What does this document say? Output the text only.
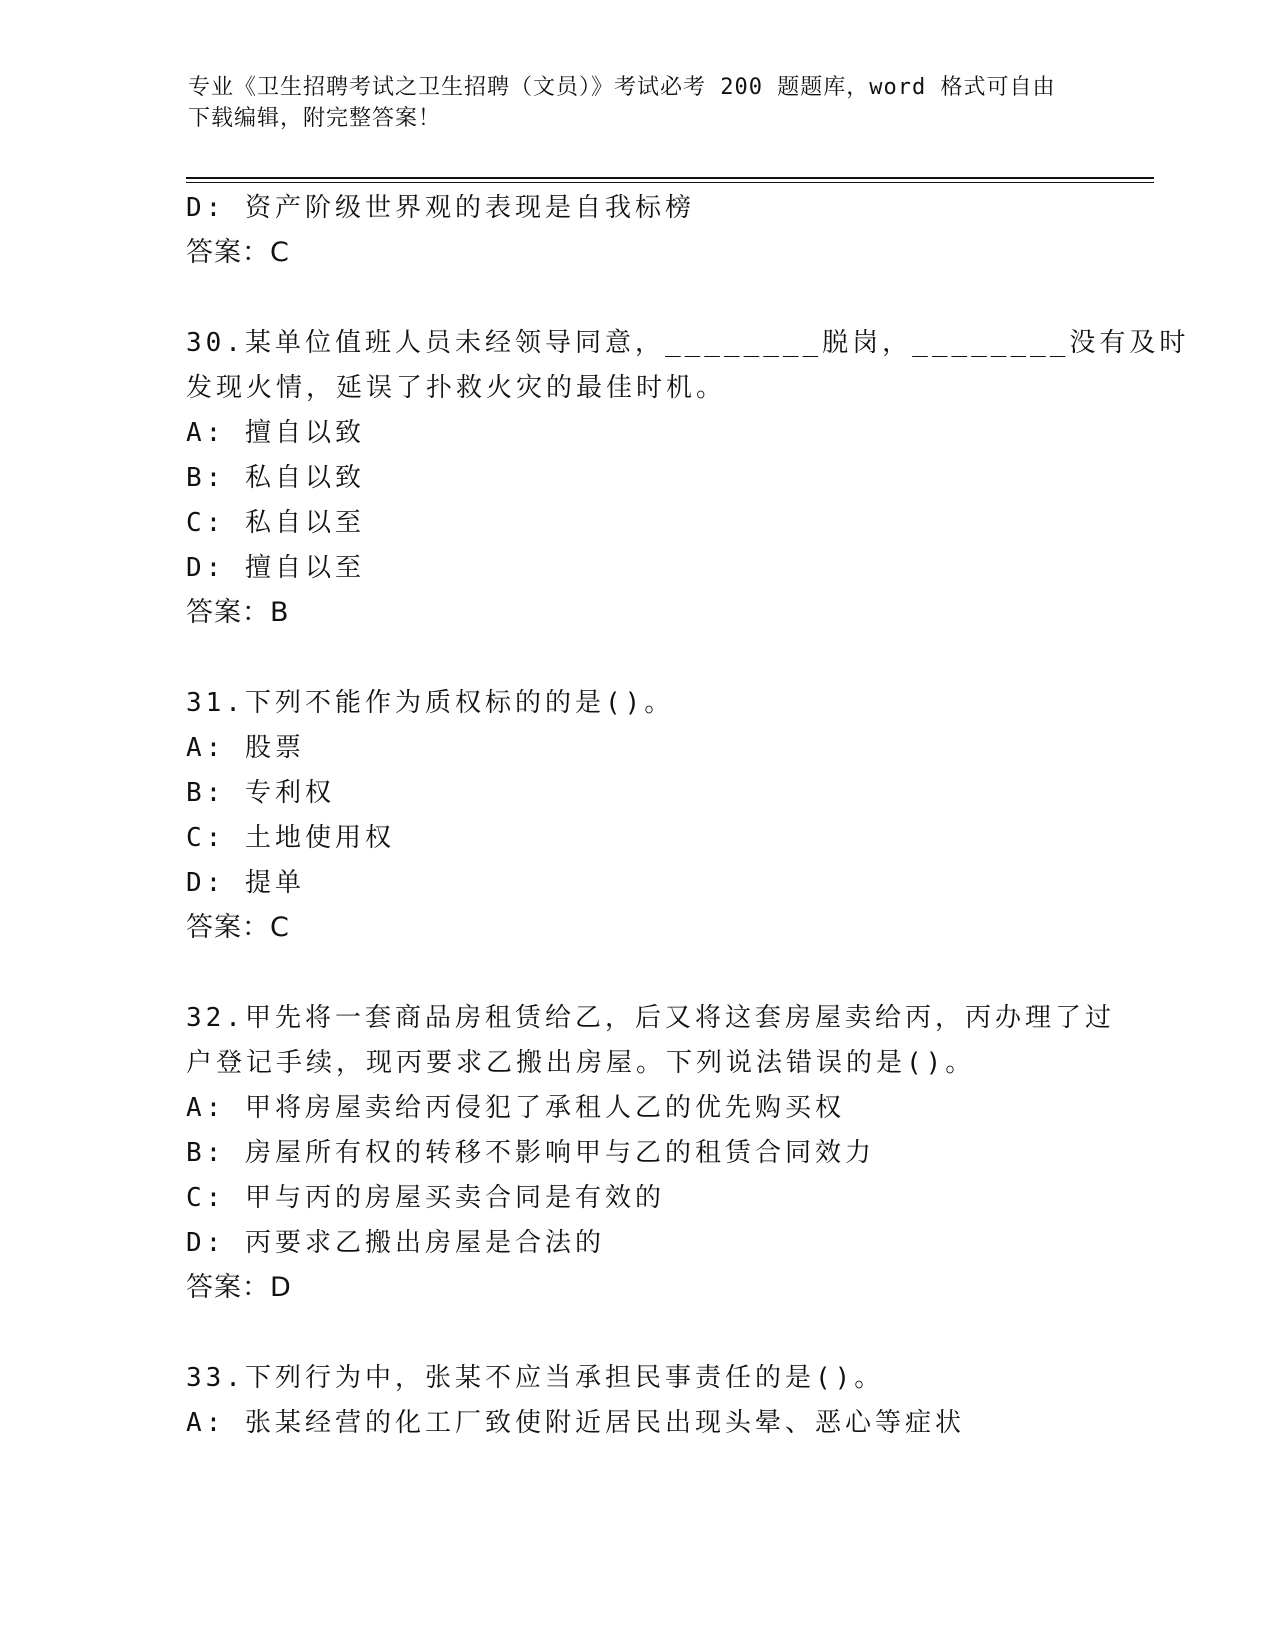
专业《卫生招聘考试之卫生招聘（文员）》考试必考 200 题题库，word 格式可自由下载编辑，附完整答案！
D: 资产阶级世界观的表现是自我标榜
答案：C
30.某单位值班人员未经领导同意，________脱岗，________没有及时
发现火情，延误了扑救火灾的最佳时机。
A: 擅自以致
B: 私自以致
C: 私自以至
D: 擅自以至
答案：B
31.下列不能作为质权标的的是()。
A: 股票
B: 专利权
C: 土地使用权
D: 提单
答案：C
32.甲先将一套商品房租赁给乙，后又将这套房屋卖给丙，丙办理了过
户登记手续，现丙要求乙搬出房屋。下列说法错误的是()。
A: 甲将房屋卖给丙侵犯了承租人乙的优先购买权
B: 房屋所有权的转移不影响甲与乙的租赁合同效力
C: 甲与丙的房屋买卖合同是有效的
D: 丙要求乙搬出房屋是合法的
答案：D
33.下列行为中，张某不应当承担民事责任的是()。
A: 张某经营的化工厂致使附近居民出现头晕、恶心等症状
